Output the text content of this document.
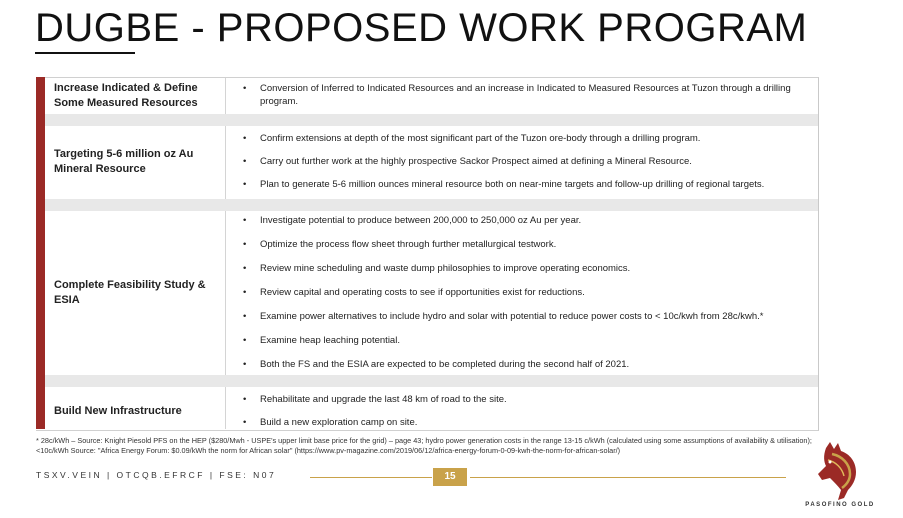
DUGBE - PROPOSED WORK PROGRAM
Increase Indicated & Define Some Measured Resources
• Conversion of Inferred to Indicated Resources and an increase in Indicated to Measured Resources at Tuzon through a drilling program.
Targeting 5-6 million oz Au Mineral Resource
• Confirm extensions at depth of the most significant part of the Tuzon ore-body through a drilling program.
• Carry out further work at the highly prospective Sackor Prospect aimed at defining a Mineral Resource.
• Plan to generate 5-6 million ounces mineral resource both on near-mine targets and follow-up drilling of regional targets.
Complete Feasibility Study & ESIA
• Investigate potential to produce between 200,000 to 250,000 oz Au per year.
• Optimize the process flow sheet through further metallurgical testwork.
• Review mine scheduling and waste dump philosophies to improve operating economics.
• Review capital and operating costs to see if opportunities exist for reductions.
• Examine power alternatives to include hydro and solar with potential to reduce power costs to < 10c/kwh from 28c/kwh.*
• Examine heap leaching potential.
• Both the FS and the ESIA are expected to be completed during the second half of 2021.
Build New Infrastructure
• Rehabilitate and upgrade the last 48 km of road to the site.
• Build a new exploration camp on site.
* 28c/kWh – Source: Knight Piesold PFS on the HEP ($280/Mwh - USPE's upper limit base price for the grid) – page 43; hydro power generation costs in the range 13-15 c/kWh (calculated using some assumptions of availability & utilisation); <10c/kWh Source: "Africa Energy Forum: $0.09/kWh the norm for African solar" (https://www.pv-magazine.com/2019/06/12/africa-energy-forum-0-09-kwh-the-norm-for-african-solar/)
TSXV.VEIN | OTCQB.EFRCF | FSE: N07	15
PASOFINO GOLD
